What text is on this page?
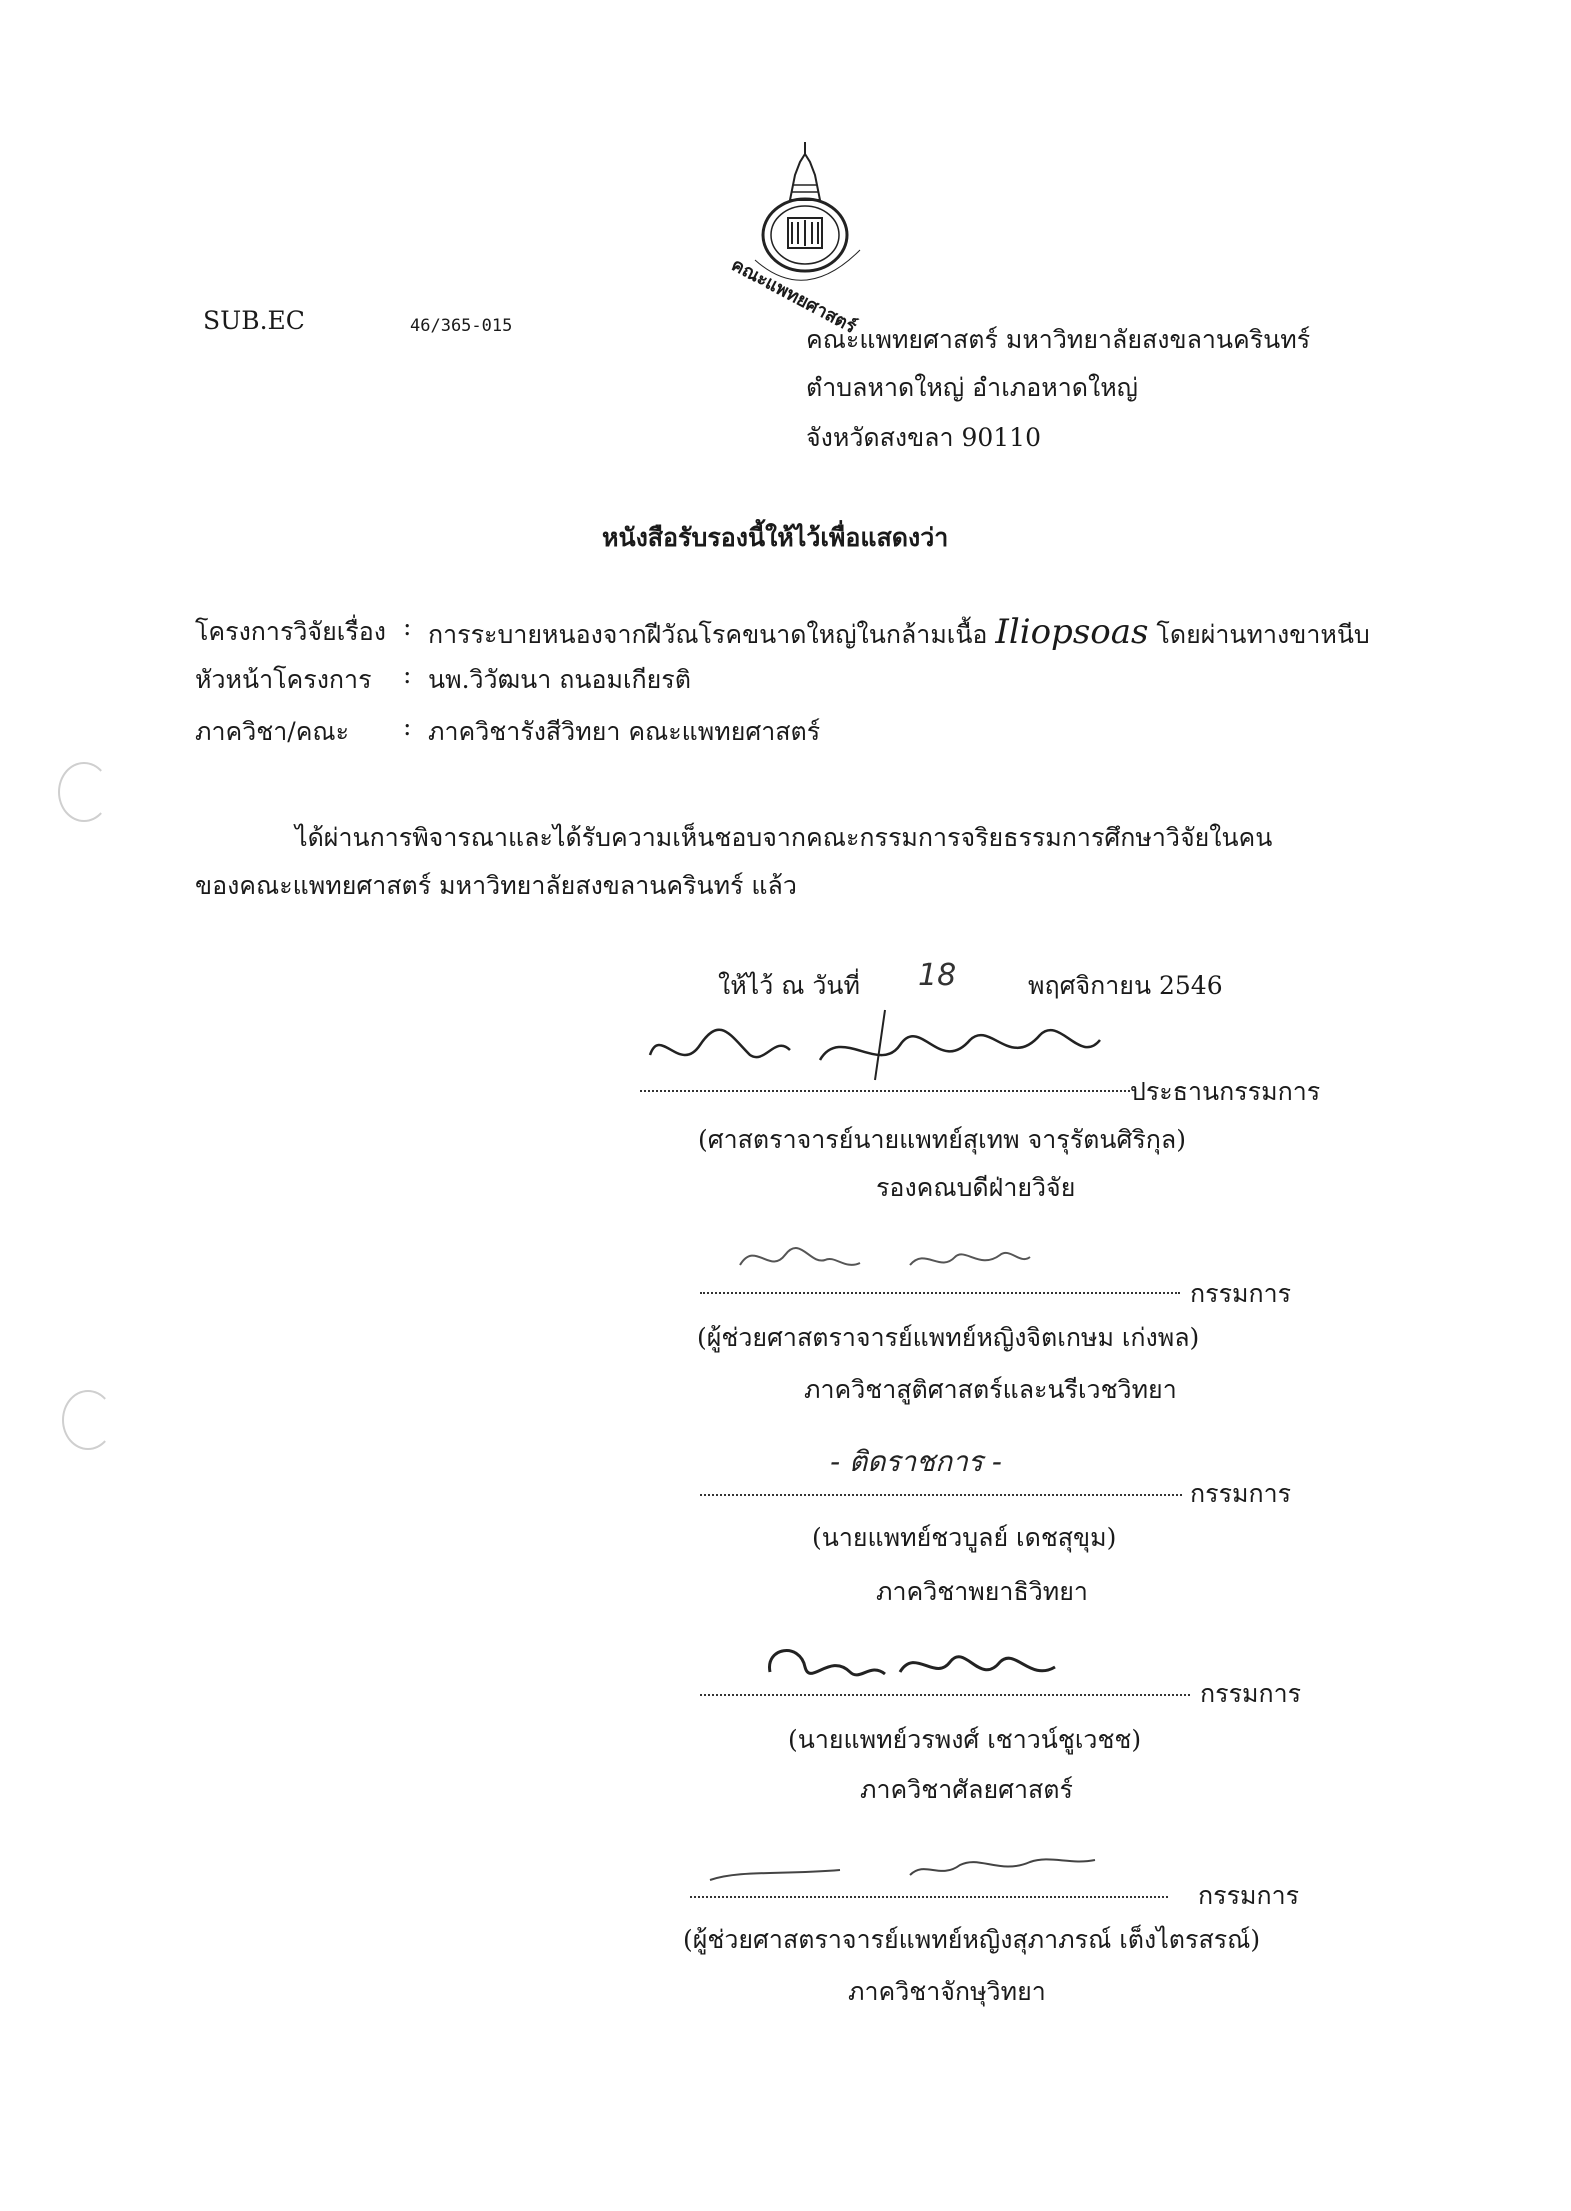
คณะแพทยศาสตร์
SUB.EC	46/365-015	คณะแพทยศาสตร์ มหาวิทยาลัยสงขลานครินทร์
ตำบลหาดใหญ่ อำเภอหาดใหญ่
จังหวัดสงขลา 90110
หนังสือรับรองนี้ให้ไว้เพื่อแสดงว่า
โครงการวิจัยเรื่อง : การระบายหนองจากฝีวัณโรคขนาดใหญ่ในกล้ามเนื้อ Iliopsoas โดยผ่านทางขาหนีบ
หัวหน้าโครงการ : นพ.วิวัฒนา ถนอมเกียรติ
ภาควิชา/คณะ : ภาควิชารังสีวิทยา คณะแพทยศาสตร์
ได้ผ่านการพิจารณาและได้รับความเห็นชอบจากคณะกรรมการจริยธรรมการศึกษาวิจัยในคน
ของคณะแพทยศาสตร์ มหาวิทยาลัยสงขลานครินทร์ แล้ว
ให้ไว้ ณ วันที่ 18	พฤศจิกายน 2546
ประธานกรรมการ
(ศาสตราจารย์นายแพทย์สุเทพ จารุรัตนศิริกุล)
รองคณบดีฝ่ายวิจัย
กรรมการ
(ผู้ช่วยศาสตราจารย์แพทย์หญิงจิตเกษม เก่งพล)
ภาควิชาสูติศาสตร์และนรีเวชวิทยา
- ติดราชการ -
กรรมการ
(นายแพทย์ชวบูลย์ เดชสุขุม)
ภาควิชาพยาธิวิทยา
กรรมการ
(นายแพทย์วรพงศ์ เชาวน์ชูเวชช)
ภาควิชาศัลยศาสตร์
กรรมการ
(ผู้ช่วยศาสตราจารย์แพทย์หญิงสุภาภรณ์ เต็งไตรสรณ์)
ภาควิชาจักษุวิทยา
